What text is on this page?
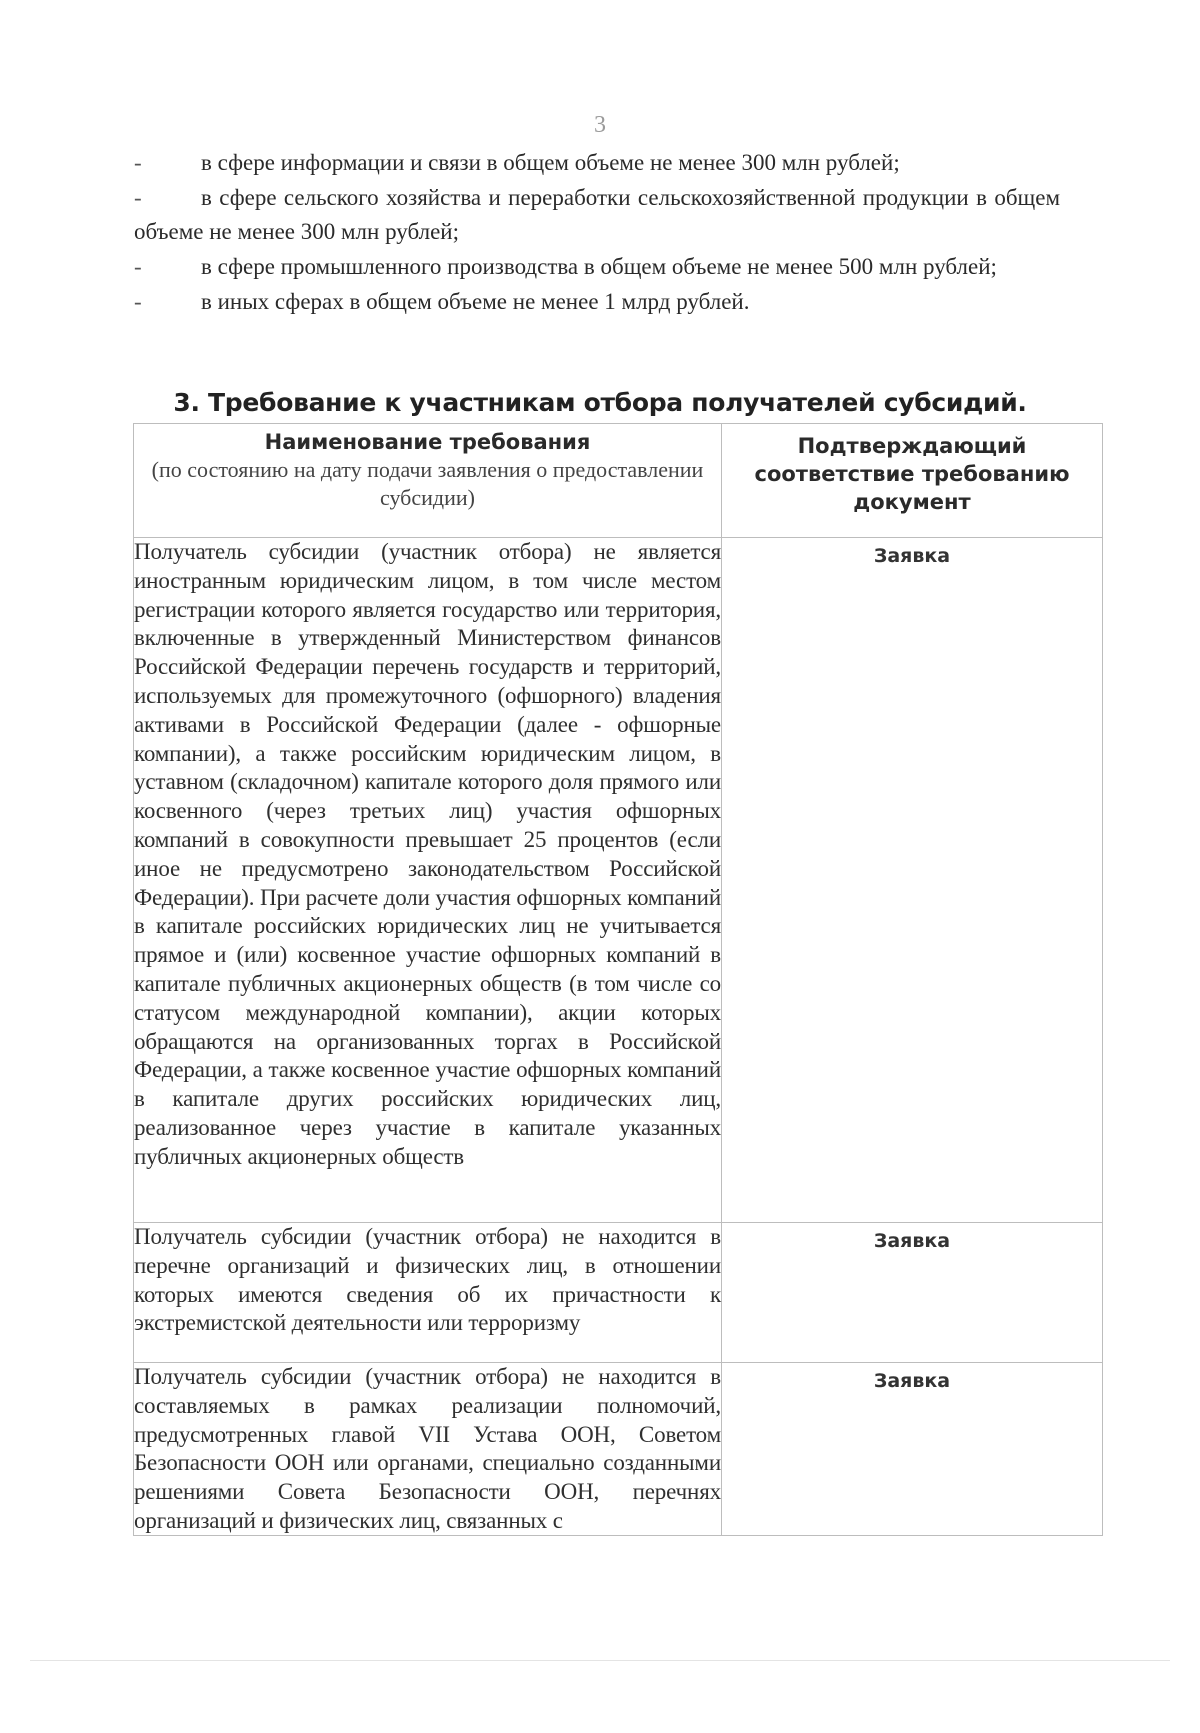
3
-	в сфере информации и связи в общем объеме не менее 300 млн рублей;
-	в сфере сельского хозяйства и переработки сельскохозяйственной продукции в общем объеме не менее 300 млн рублей;
-	в сфере промышленного производства в общем объеме не менее 500 млн рублей;
-	в иных сферах в общем объеме не менее 1 млрд рублей.
3. Требование к участникам отбора получателей субсидий.
Наименование требования
(по состоянию на дату подачи заявления о предоставлении субсидии)	Подтверждающий соответствие требованию документ

Получатель субсидии (участник отбора) не является иностранным юридическим лицом, в том числе местом регистрации которого является государство или территория, включенные в утвержденный Министерством финансов Российской Федерации перечень государств и территорий, используемых для промежуточного (офшорного) владения активами в Российской Федерации (далее - офшорные компании), а также российским юридическим лицом, в уставном (складочном) капитале которого доля прямого или косвенного (через третьих лиц) участия офшорных компаний в совокупности превышает 25 процентов (если иное не предусмотрено законодательством Российской Федерации). При расчете доли участия офшорных компаний в капитале российских юридических лиц не учитывается прямое и (или) косвенное участие офшорных компаний в капитале публичных акционерных обществ (в том числе со статусом международной компании), акции которых обращаются на организованных торгах в Российской Федерации, а также косвенное участие офшорных компаний в капитале других российских юридических лиц, реализованное через участие в капитале указанных публичных акционерных обществ	Заявка

Получатель субсидии (участник отбора) не находится в перечне организаций и физических лиц, в отношении которых имеются сведения об их причастности к экстремистской деятельности или терроризму	Заявка

Получатель субсидии (участник отбора) не находится в составляемых в рамках реализации полномочий, предусмотренных главой VII Устава ООН, Советом Безопасности ООН или органами, специально созданными решениями Совета Безопасности ООН, перечнях организаций и физических лиц, связанных с	Заявка
